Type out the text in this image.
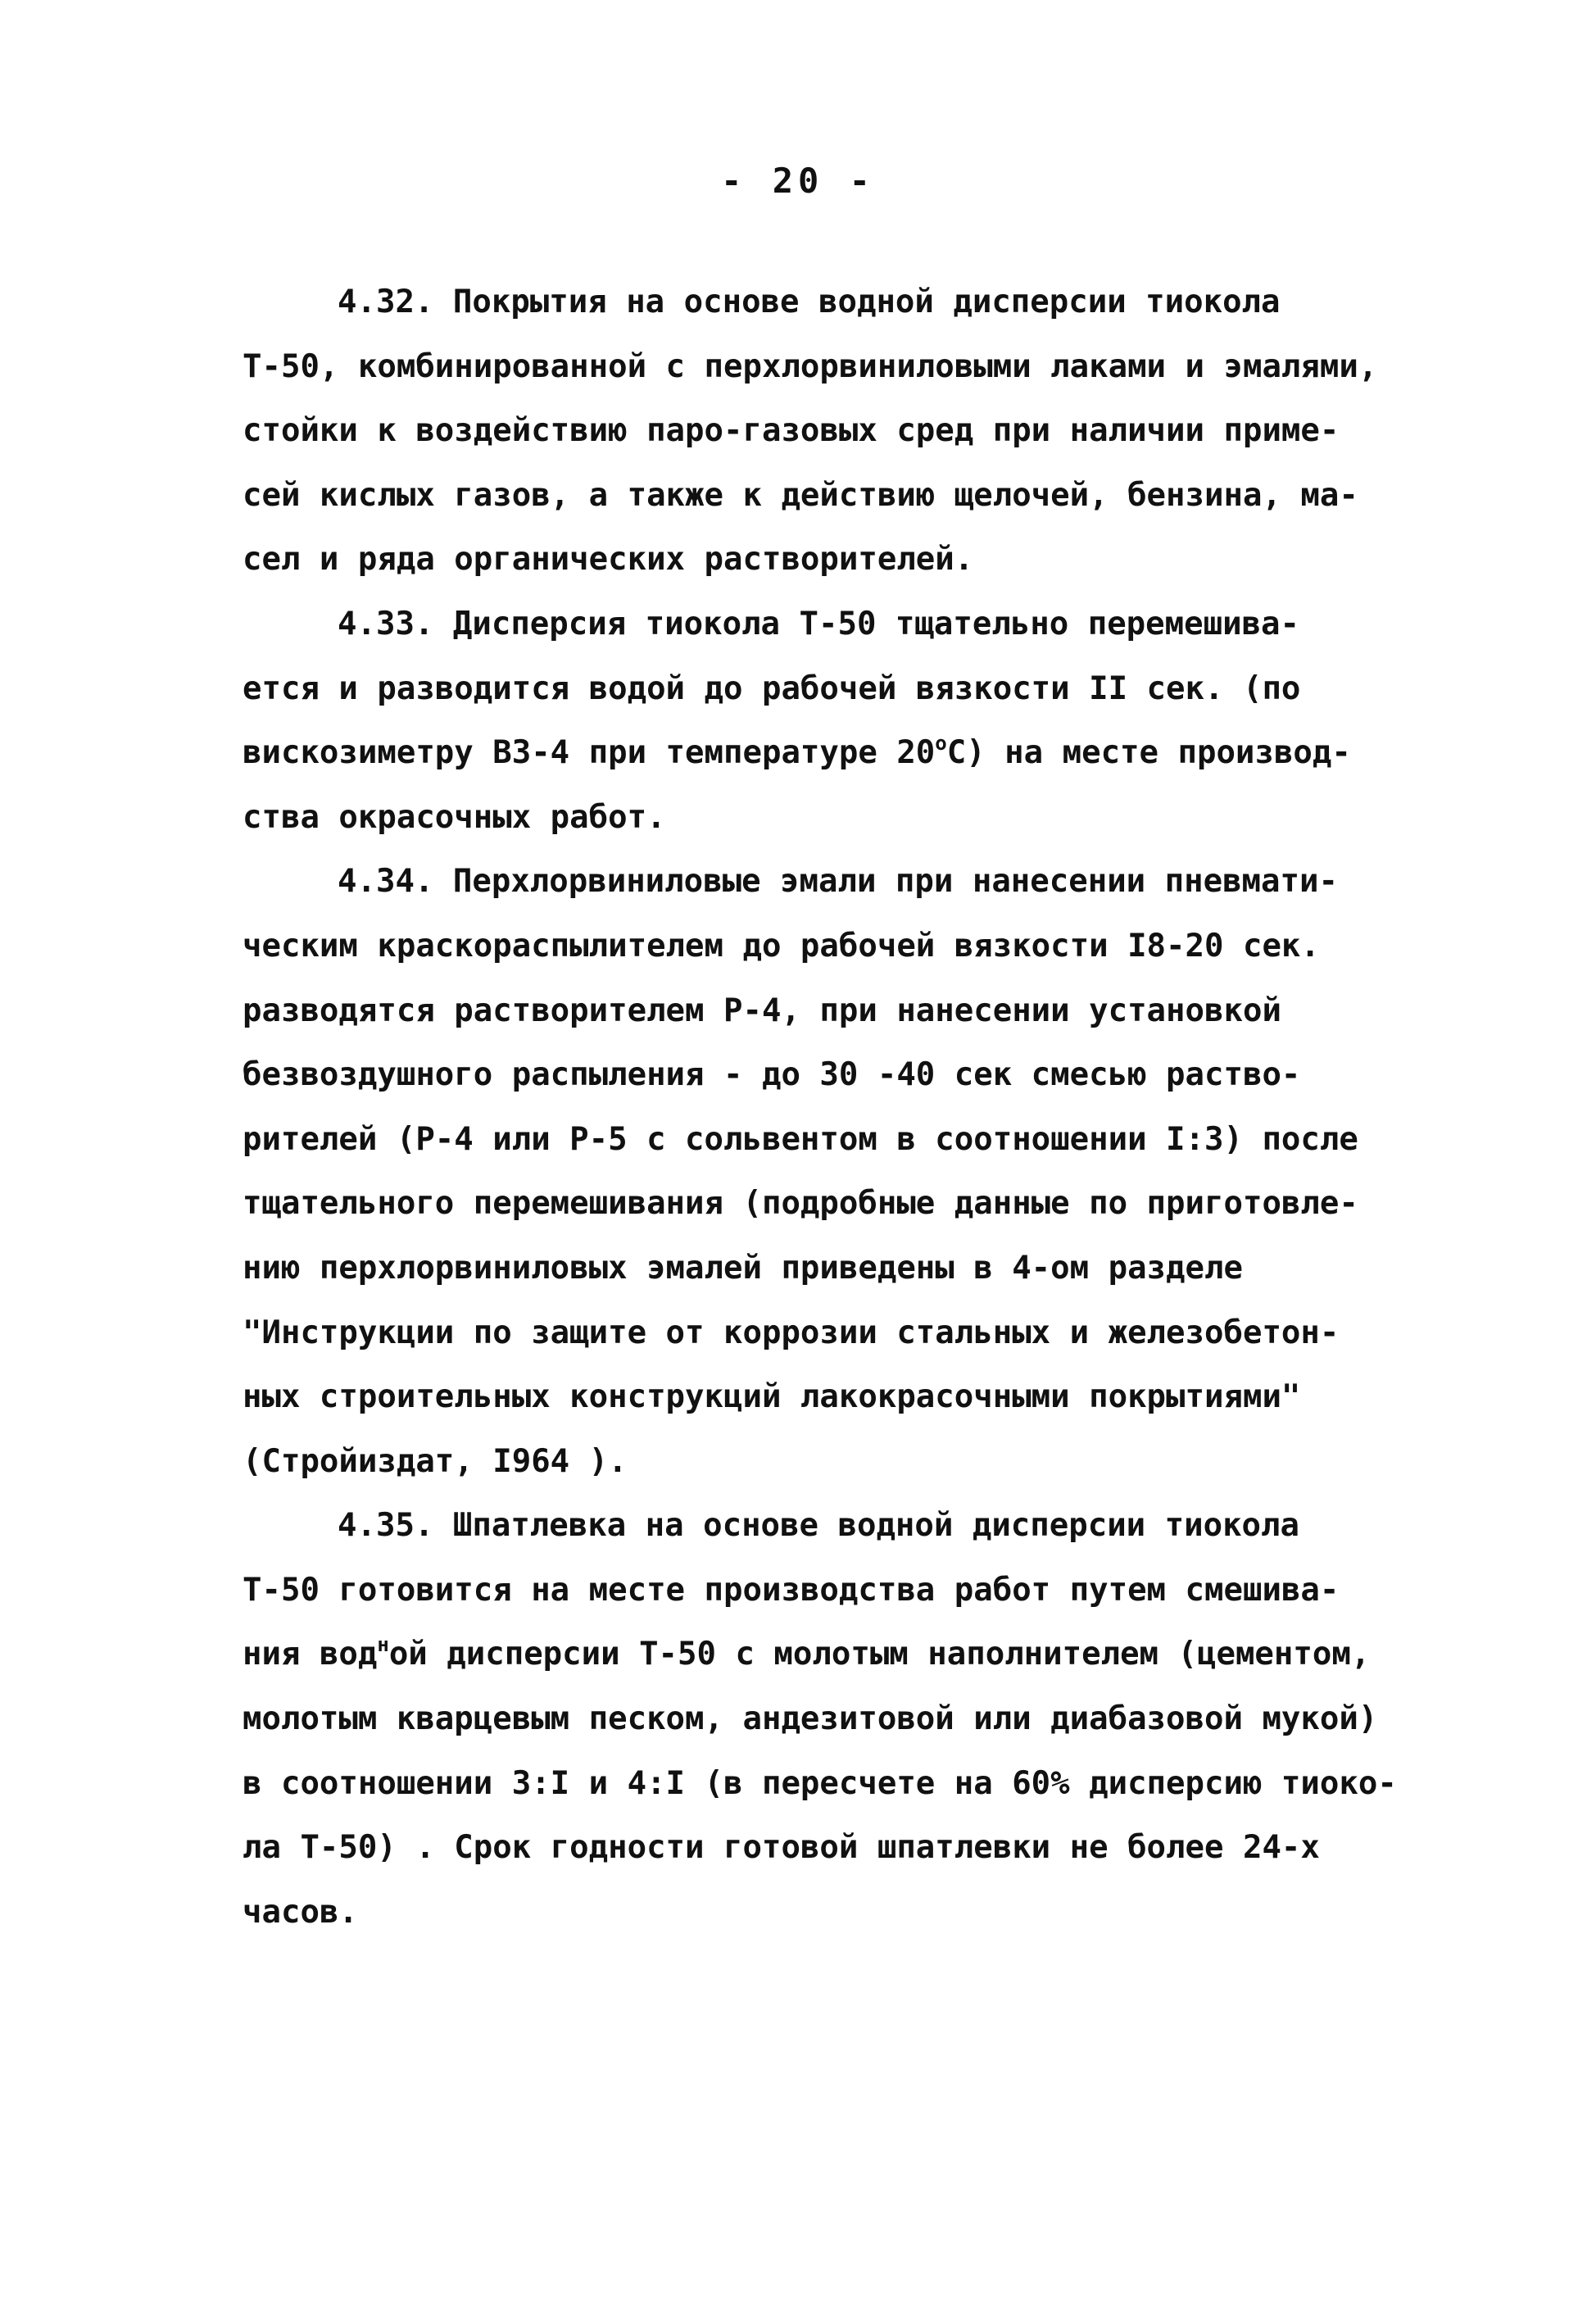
- 20 -
4.32. Покрытия на основе водной дисперсии тиокола
Т-50, комбинированной с перхлорвиниловыми лаками и эмалями,
стойки к воздействию паро-газовых сред при наличии приме-
сей кислых газов, а также к действию щелочей, бензина, ма-
сел и ряда органических растворителей.
4.33. Дисперсия тиокола Т-50 тщательно перемешива-
ется и разводится водой до рабочей вязкости II сек. (по
вискозиметру ВЗ-4 при температуре $20^оС$) на месте производ-
ства окрасочных работ.
4.34. Перхлорвиниловые эмали при нанесении пневмати-
ческим краскораспылителем до рабочей вязкости I8-20 сек.
разводятся растворителем Р-4, при нанесении установкой
безвоздушного распыления - до 30 -40 сек смесью раство-
рителей (Р-4 или Р-5 с сольвентом в соотношении I:3) после
тщательного перемешивания (подробные данные по приготовле-
нию перхлорвиниловых эмалей приведены в 4-ом разделе
"Инструкции по защите от коррозии стальных и железобетон-
ных строительных конструкций лакокрасочными покрытиями"
(Стройиздат, I964 ).
4.35. Шпатлевка на основе водной дисперсии тиокола
Т-50 готовится на месте производства работ путем смешива-
ния вод$^н$ой дисперсии Т-50 с молотым наполнителем (цементом,
молотым кварцевым песком, андезитовой или диабазовой мукой)
в соотношении 3:I и 4:I (в пересчете на 60% дисперсию тиоко-
ла Т-50) . Срок годности готовой шпатлевки не более 24-х
часов.
